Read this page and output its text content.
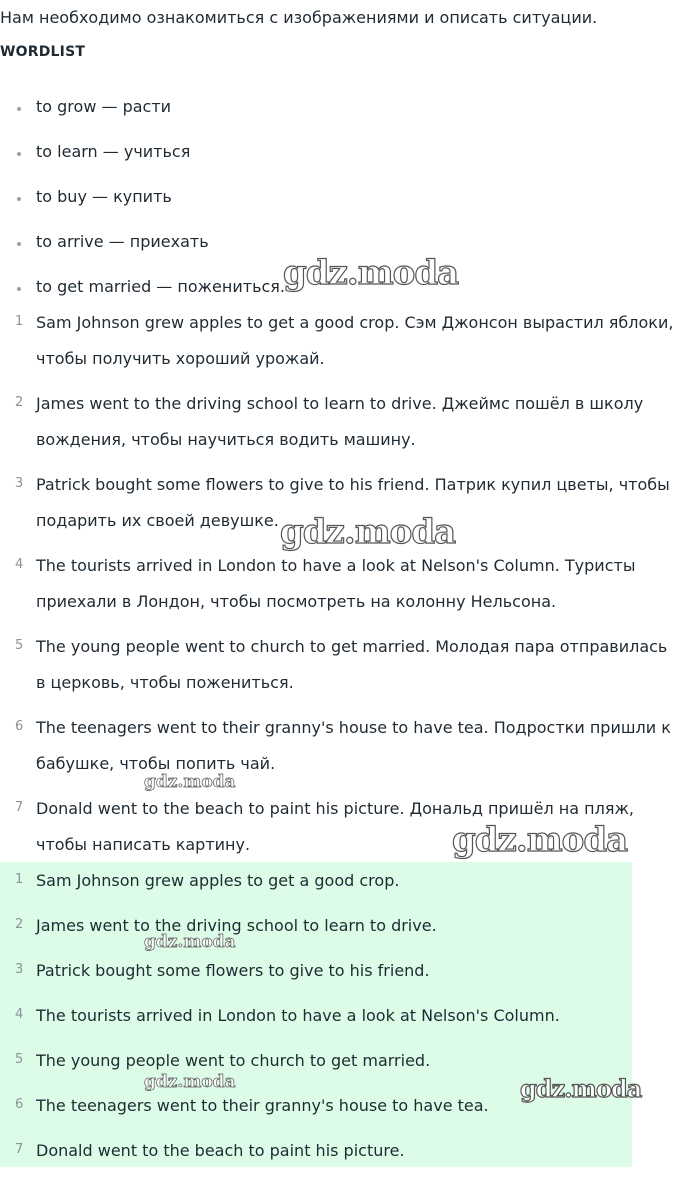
Нам необходимо ознакомиться с изображениями и описать ситуации.
WORDLIST
to grow — расти
to learn — учиться
to buy — купить
to arrive — приехать
to get married — пожениться.
1 Sam Johnson grew apples to get a good crop. Сэм Джонсон вырастил яблоки, чтобы получить хороший урожай.
2 James went to the driving school to learn to drive. Джеймс пошёл в школу вождения, чтобы научиться водить машину.
3 Patrick bought some flowers to give to his friend. Патрик купил цветы, чтобы подарить их своей девушке.
4 The tourists arrived in London to have a look at Nelson's Column. Туристы приехали в Лондон, чтобы посмотреть на колонну Нельсона.
5 The young people went to church to get married. Молодая пара отправилась в церковь, чтобы пожениться.
6 The teenagers went to their granny's house to have tea. Подростки пришли к бабушке, чтобы попить чай.
7 Donald went to the beach to paint his picture. Дональд пришёл на пляж, чтобы написать картину.
1 Sam Johnson grew apples to get a good crop.
2 James went to the driving school to learn to drive.
3 Patrick bought some flowers to give to his friend.
4 The tourists arrived in London to have a look at Nelson's Column.
5 The young people went to church to get married.
6 The teenagers went to their granny's house to have tea.
7 Donald went to the beach to paint his picture.
gdz.moda
gdz.moda
gdz.moda
gdz.moda
gdz.moda
gdz.moda	gdz.moda
